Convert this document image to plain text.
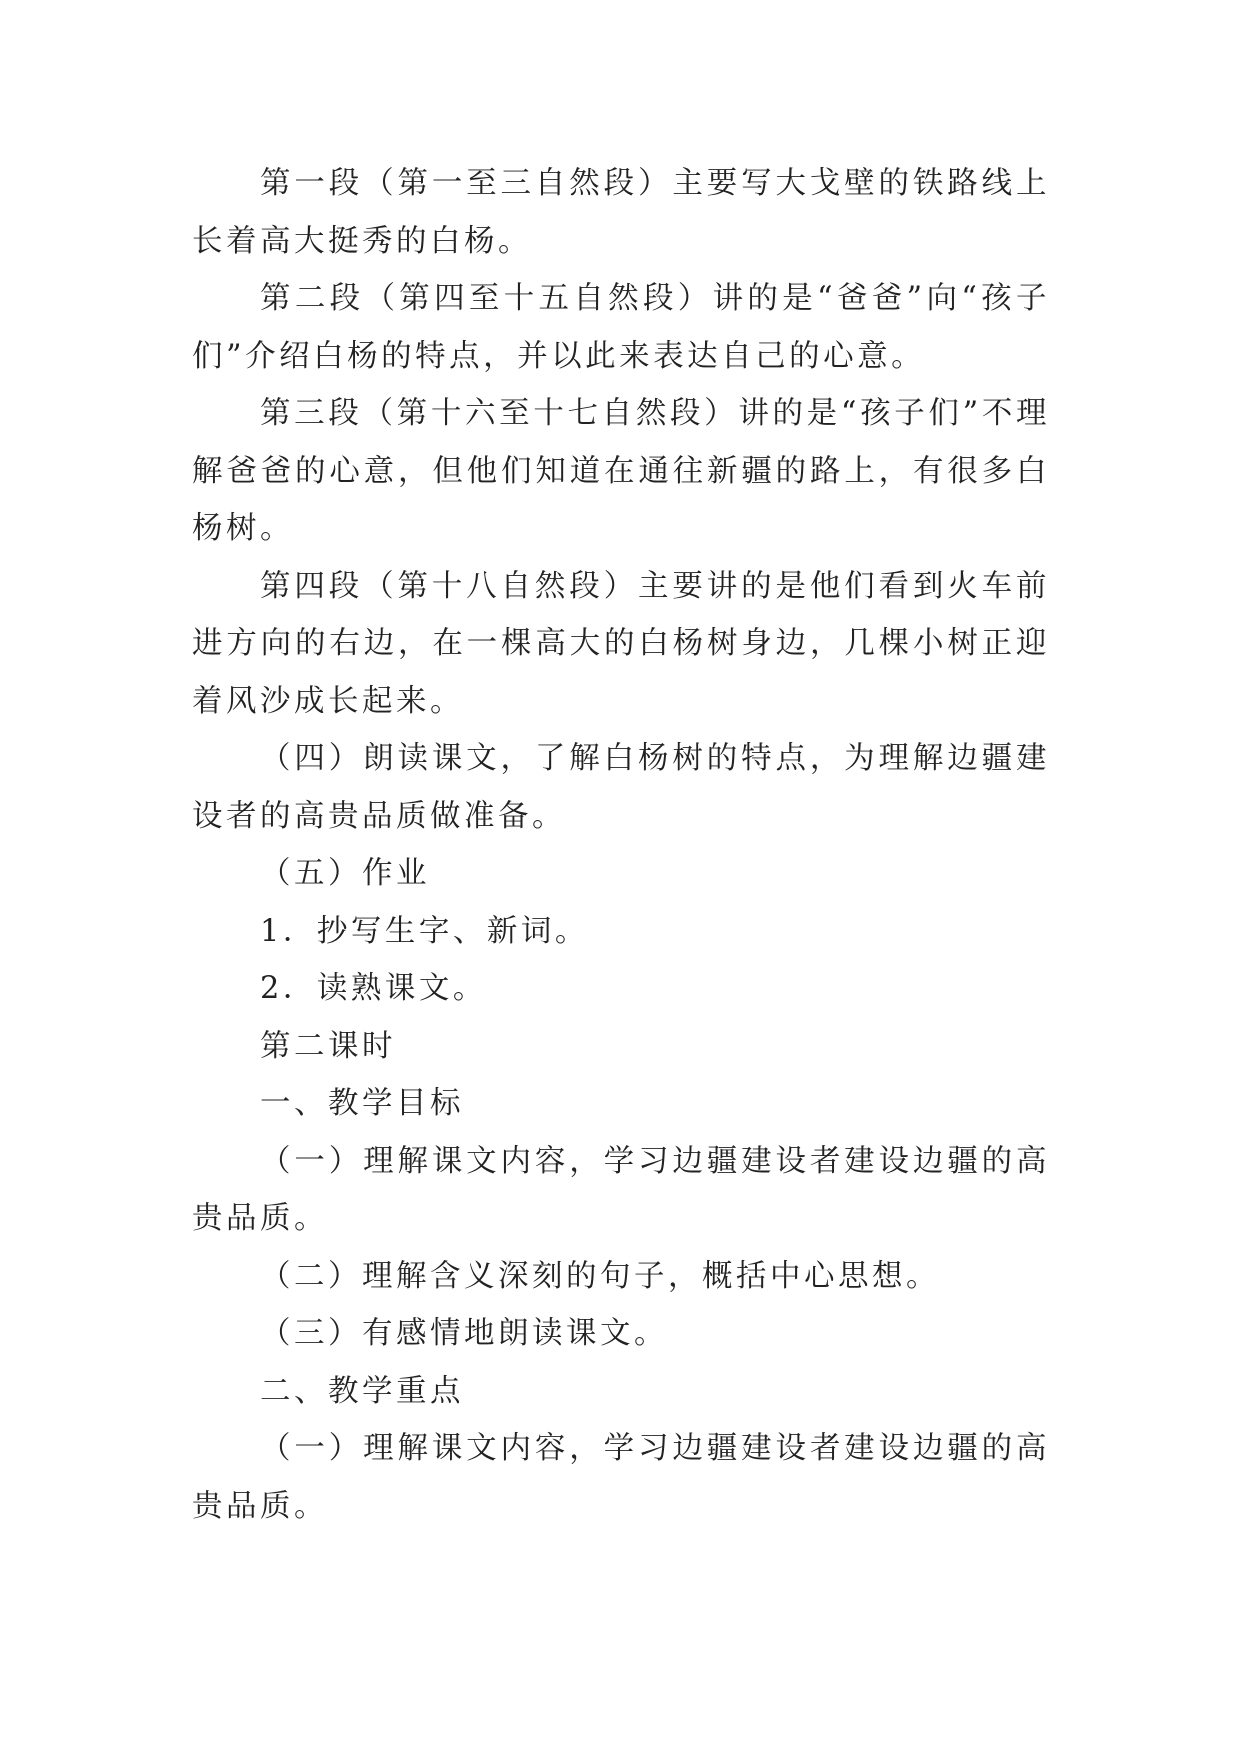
第一段（第一至三自然段）主要写大戈壁的铁路线上长着高大挺秀的白杨。

第二段（第四至十五自然段）讲的是“爸爸”向“孩子们”介绍白杨的特点，并以此来表达自己的心意。

第三段（第十六至十七自然段）讲的是“孩子们”不理解爸爸的心意，但他们知道在通往新疆的路上，有很多白杨树。

第四段（第十八自然段）主要讲的是他们看到火车前进方向的右边，在一棵高大的白杨树身边，几棵小树正迎着风沙成长起来。

（四）朗读课文，了解白杨树的特点，为理解边疆建设者的高贵品质做准备。

（五）作业

1．抄写生字、新词。

2．读熟课文。

第二课时

一、教学目标

（一）理解课文内容，学习边疆建设者建设边疆的高贵品质。

（二）理解含义深刻的句子，概括中心思想。

（三）有感情地朗读课文。

二、教学重点

（一）理解课文内容，学习边疆建设者建设边疆的高贵品质。
